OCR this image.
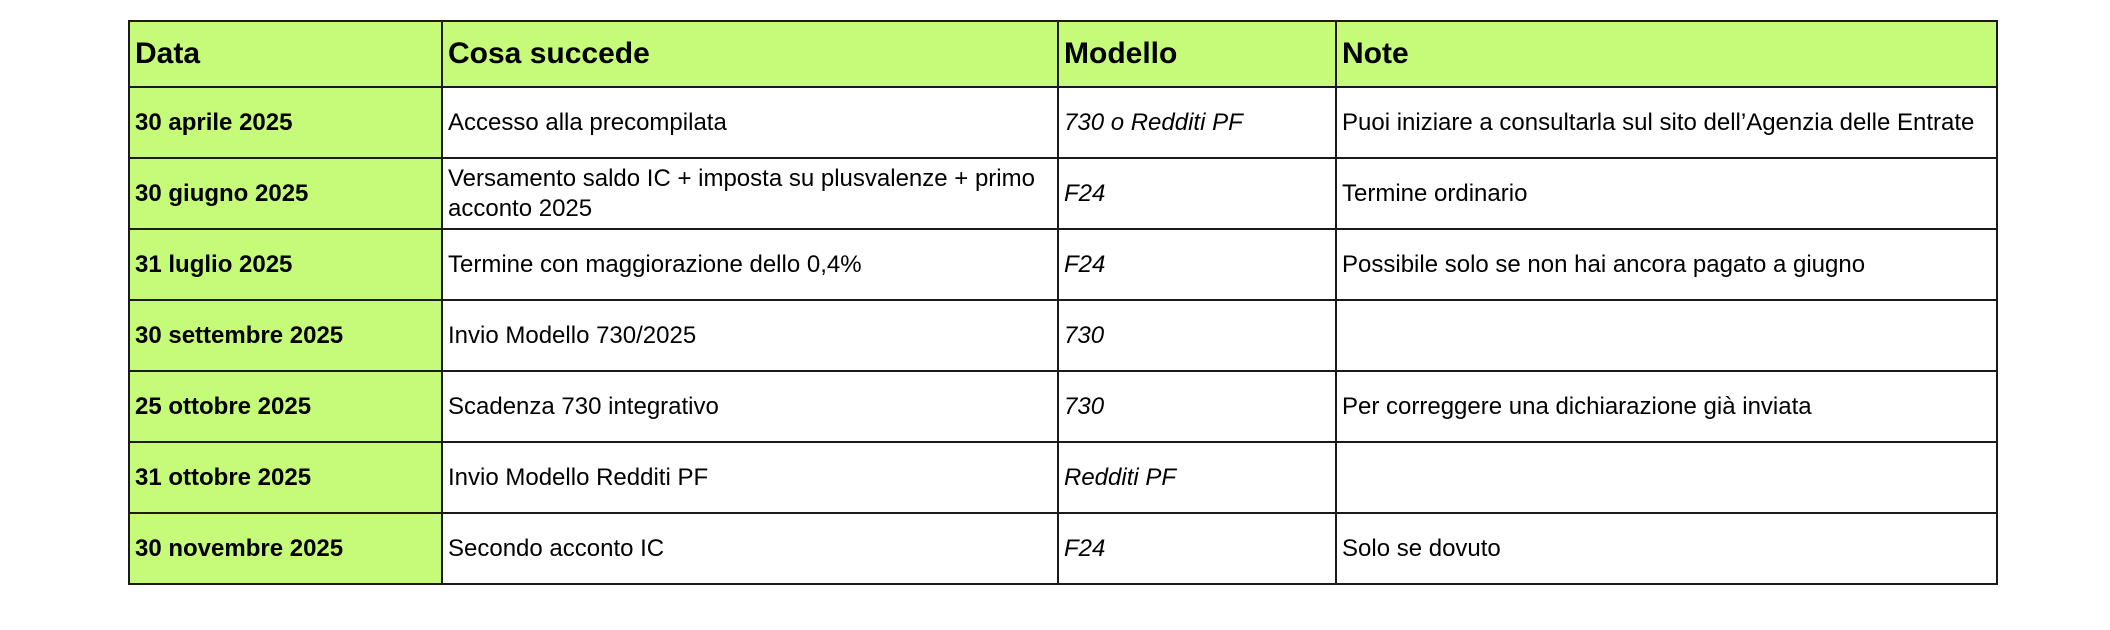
Data	Cosa succede	Modello	Note
30 aprile 2025	Accesso alla precompilata	730 o Redditi PF	Puoi iniziare a consultarla sul sito dell’Agenzia delle Entrate
30 giugno 2025	Versamento saldo IC + imposta su plusvalenze + primo acconto 2025	F24	Termine ordinario
31 luglio 2025	Termine con maggiorazione dello 0,4%	F24	Possibile solo se non hai ancora pagato a giugno
30 settembre 2025	Invio Modello 730/2025	730	
25 ottobre 2025	Scadenza 730 integrativo	730	Per correggere una dichiarazione già inviata
31 ottobre 2025	Invio Modello Redditi PF	Redditi PF	
30 novembre 2025	Secondo acconto IC	F24	Solo se dovuto
